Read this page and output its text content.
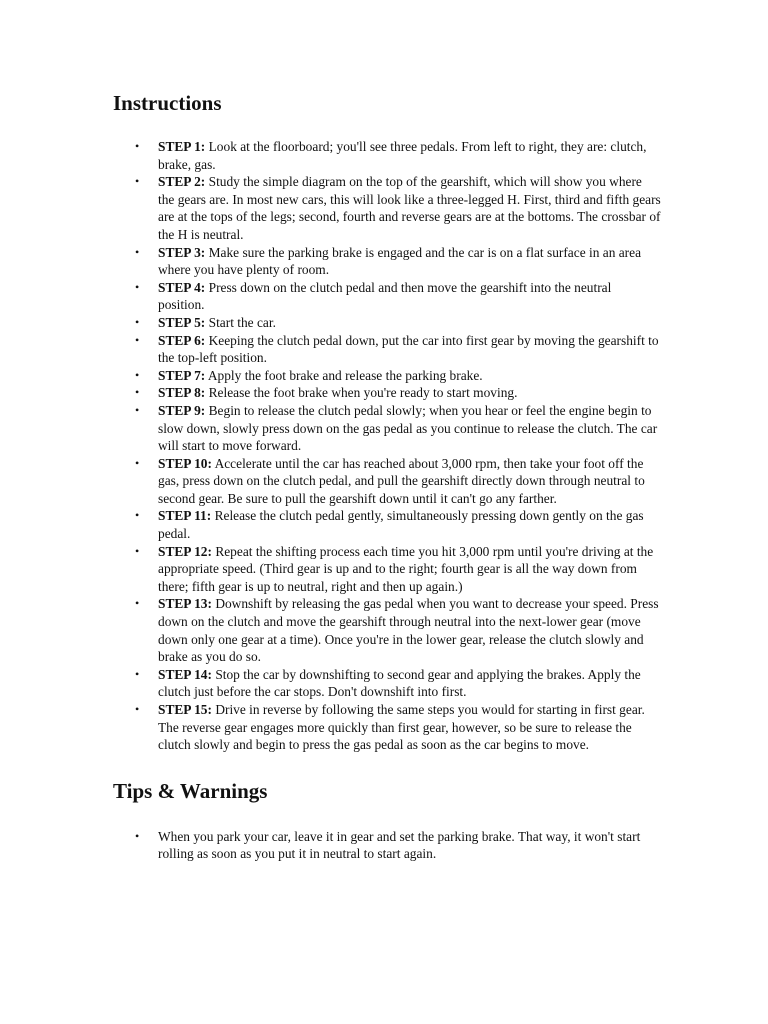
Instructions
• STEP 1: Look at the floorboard; you'll see three pedals. From left to right, they are: clutch, brake, gas.
• STEP 2: Study the simple diagram on the top of the gearshift, which will show you where the gears are. In most new cars, this will look like a three-legged H. First, third and fifth gears are at the tops of the legs; second, fourth and reverse gears are at the bottoms. The crossbar of the H is neutral.
• STEP 3: Make sure the parking brake is engaged and the car is on a flat surface in an area where you have plenty of room.
• STEP 4: Press down on the clutch pedal and then move the gearshift into the neutral position.
• STEP 5: Start the car.
• STEP 6: Keeping the clutch pedal down, put the car into first gear by moving the gearshift to the top-left position.
• STEP 7: Apply the foot brake and release the parking brake.
• STEP 8: Release the foot brake when you're ready to start moving.
• STEP 9: Begin to release the clutch pedal slowly; when you hear or feel the engine begin to slow down, slowly press down on the gas pedal as you continue to release the clutch. The car will start to move forward.
• STEP 10: Accelerate until the car has reached about 3,000 rpm, then take your foot off the gas, press down on the clutch pedal, and pull the gearshift directly down through neutral to second gear. Be sure to pull the gearshift down until it can't go any farther.
• STEP 11: Release the clutch pedal gently, simultaneously pressing down gently on the gas pedal.
• STEP 12: Repeat the shifting process each time you hit 3,000 rpm until you're driving at the appropriate speed. (Third gear is up and to the right; fourth gear is all the way down from there; fifth gear is up to neutral, right and then up again.)
• STEP 13: Downshift by releasing the gas pedal when you want to decrease your speed. Press down on the clutch and move the gearshift through neutral into the next-lower gear (move down only one gear at a time). Once you're in the lower gear, release the clutch slowly and brake as you do so.
• STEP 14: Stop the car by downshifting to second gear and applying the brakes. Apply the clutch just before the car stops. Don't downshift into first.
• STEP 15: Drive in reverse by following the same steps you would for starting in first gear. The reverse gear engages more quickly than first gear, however, so be sure to release the clutch slowly and begin to press the gas pedal as soon as the car begins to move.
Tips & Warnings
• When you park your car, leave it in gear and set the parking brake. That way, it won't start rolling as soon as you put it in neutral to start again.
